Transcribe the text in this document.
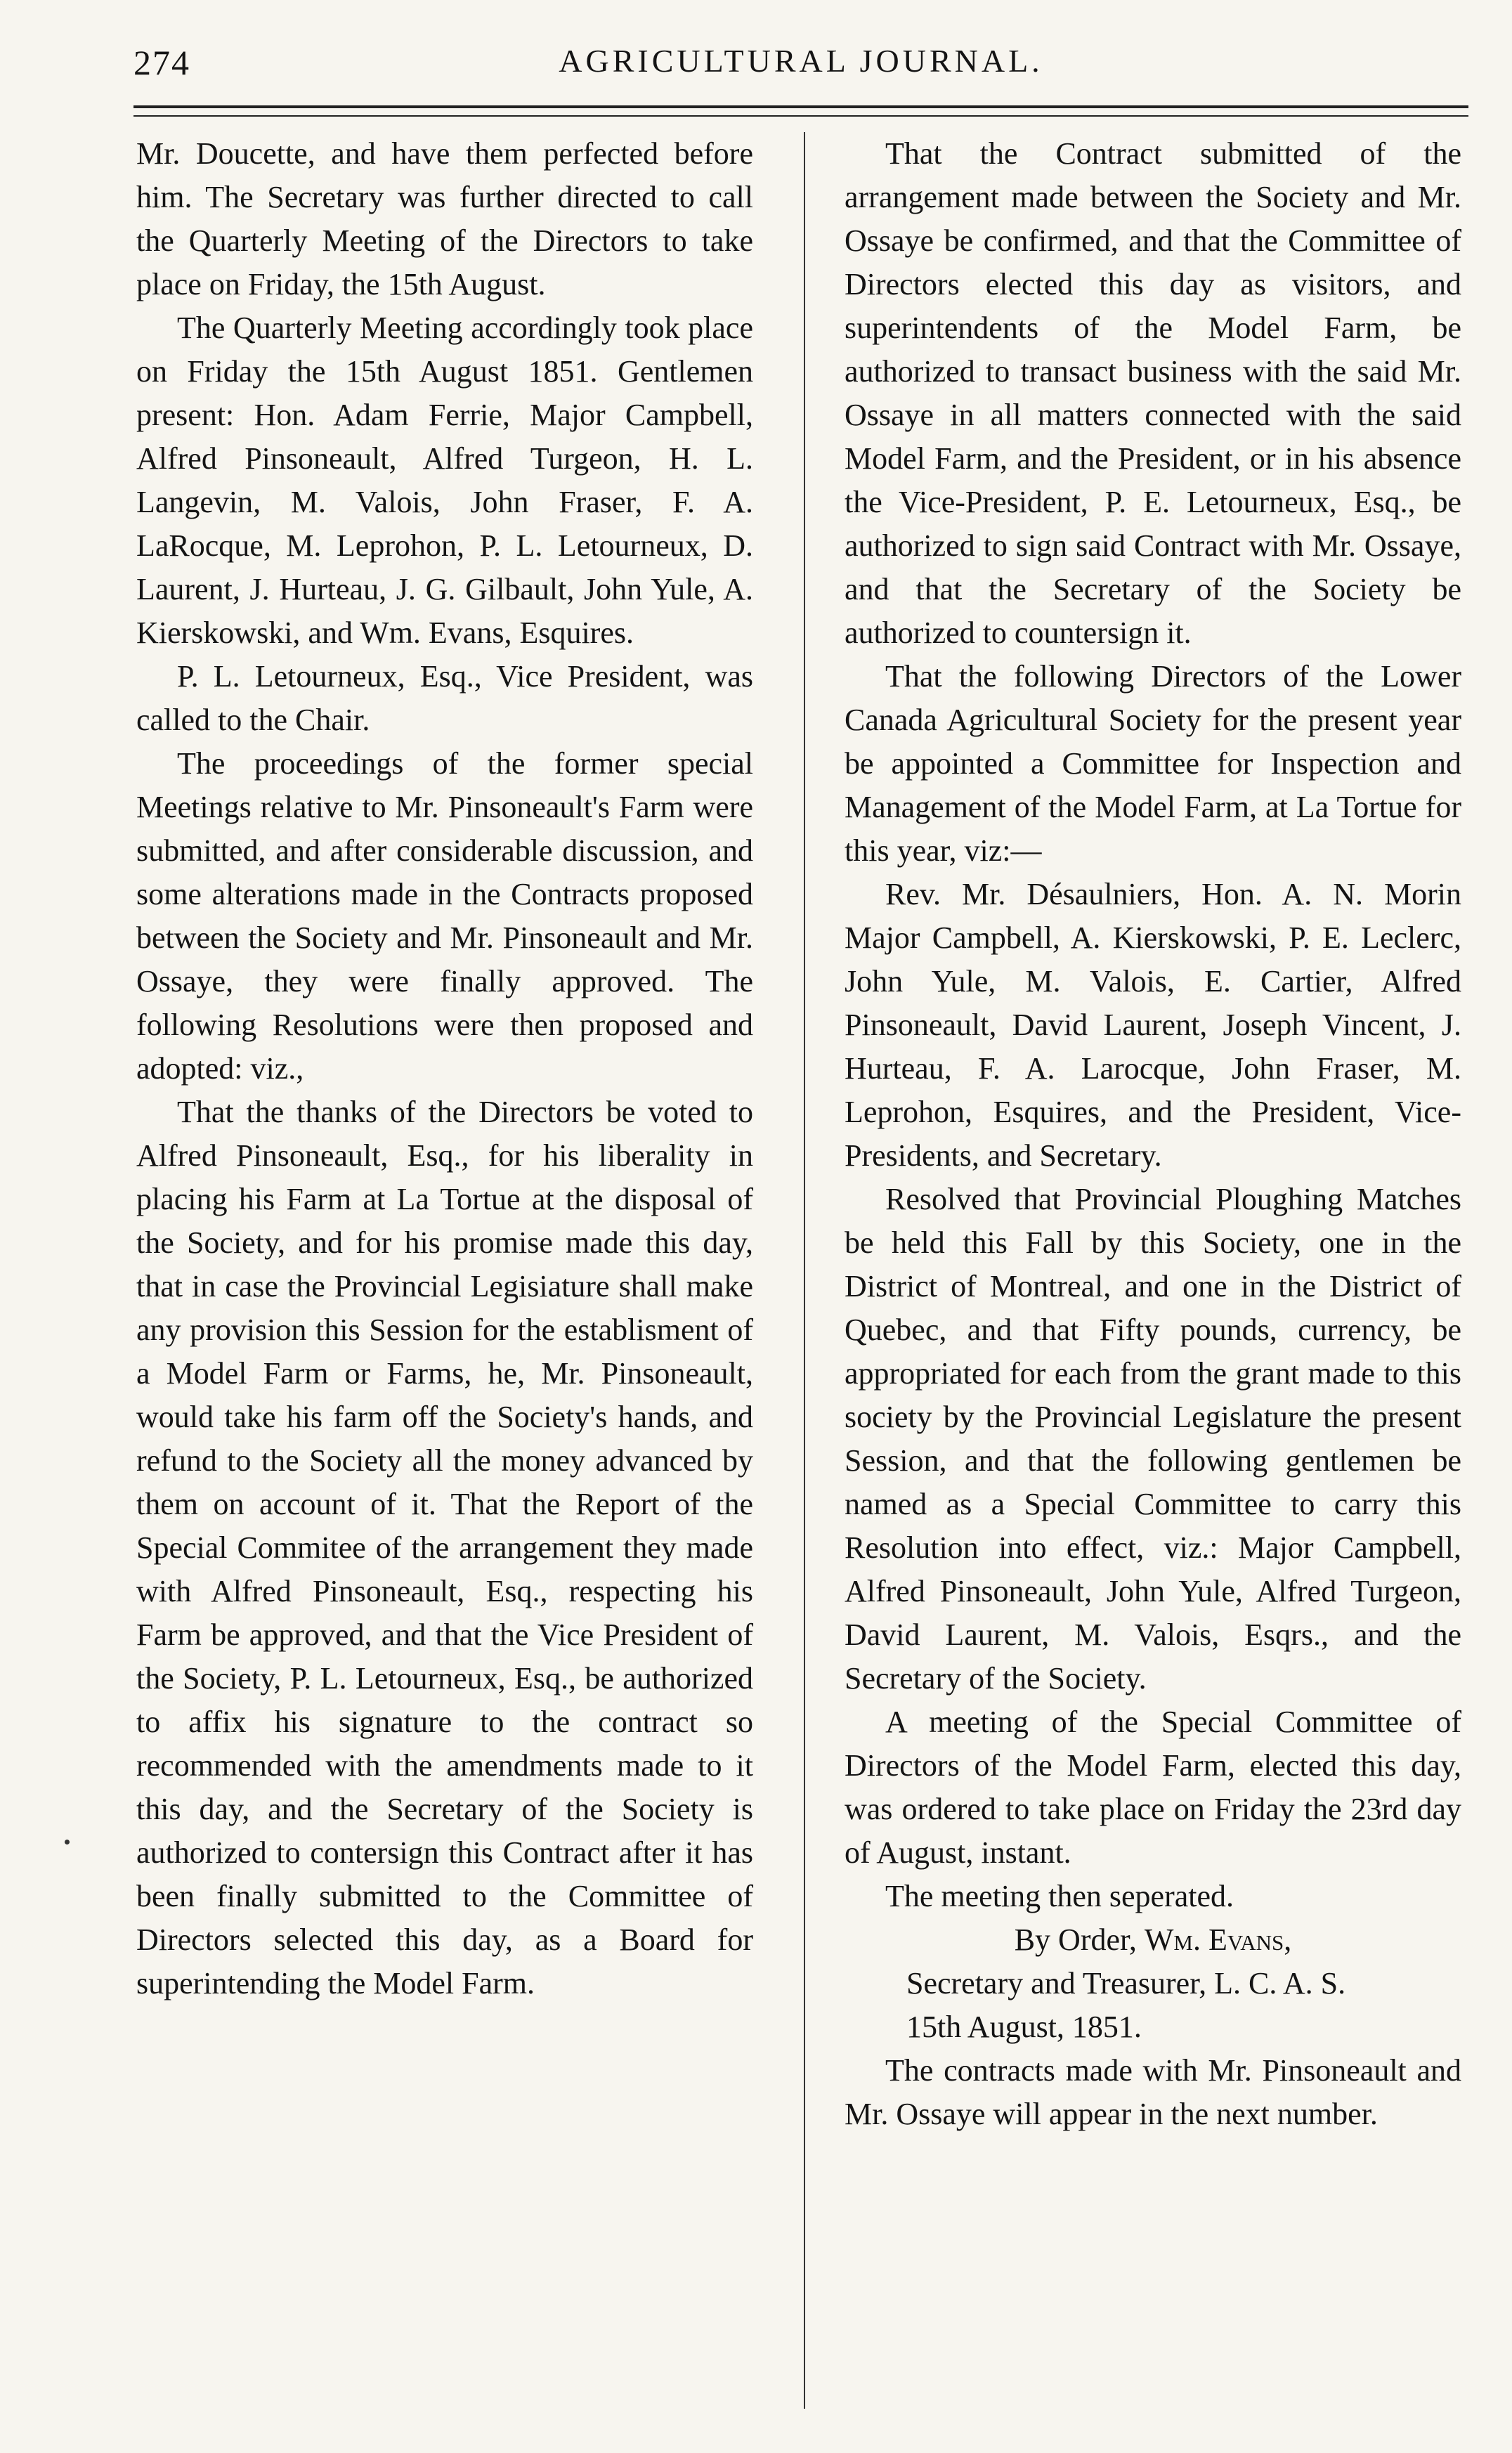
274	AGRICULTURAL JOURNAL.

Mr. Doucette, and have them perfected before him. The Secretary was further directed to call the Quarterly Meeting of the Directors to take place on Friday, the 15th August.

The Quarterly Meeting accordingly took place on Friday the 15th August 1851. Gentlemen present: Hon. Adam Ferrie, Major Campbell, Alfred Pinsoneault, Alfred Turgeon, H. L. Langevin, M. Valois, John Fraser, F. A. LaRocque, M. Leprohon, P. L. Letourneux, D. Laurent, J. Hurteau, J. G. Gilbault, John Yule, A. Kierskowski, and Wm. Evans, Esquires.

P. L. Letourneux, Esq., Vice President, was called to the Chair.

The proceedings of the former special Meetings relative to Mr. Pinsoneault's Farm were submitted, and after considerable discussion, and some alterations made in the Contracts proposed between the Society and Mr. Pinsoneault and Mr. Ossaye, they were finally approved. The following Resolutions were then proposed and adopted: viz.,

That the thanks of the Directors be voted to Alfred Pinsoneault, Esq., for his liberality in placing his Farm at La Tortue at the disposal of the Society, and for his promise made this day, that in case the Provincial Legisiature shall make any provision this Session for the establisment of a Model Farm or Farms, he, Mr. Pinsoneault, would take his farm off the Society's hands, and refund to the Society all the money advanced by them on account of it. That the Report of the Special Commitee of the arrangement they made with Alfred Pinsoneault, Esq., respecting his Farm be approved, and that the Vice President of the Society, P. L. Letourneux, Esq., be authorized to affix his signature to the contract so recommended with the amendments made to it this day, and the Secretary of the Society is authorized to contersign this Contract after it has been finally submitted to the Committee of Directors selected this day, as a Board for superintending the Model Farm.

That the Contract submitted of the arrangement made between the Society and Mr. Ossaye be confirmed, and that the Committee of Directors elected this day as visitors, and superintendents of the Model Farm, be authorized to transact business with the said Mr. Ossaye in all matters connected with the said Model Farm, and the President, or in his absence the Vice-President, P. E. Letourneux, Esq., be authorized to sign said Contract with Mr. Ossaye, and that the Secretary of the Society be authorized to countersign it.

That the following Directors of the Lower Canada Agricultural Society for the present year be appointed a Committee for Inspection and Management of the Model Farm, at La Tortue for this year, viz:—

Rev. Mr. Désaulniers, Hon. A. N. Morin Major Campbell, A. Kierskowski, P. E. Leclerc, John Yule, M. Valois, E. Cartier, Alfred Pinsoneault, David Laurent, Joseph Vincent, J. Hurteau, F. A. Larocque, John Fraser, M. Leprohon, Esquires, and the President, Vice-Presidents, and Secretary.

Resolved that Provincial Ploughing Matches be held this Fall by this Society, one in the District of Montreal, and one in the District of Quebec, and that Fifty pounds, currency, be appropriated for each from the grant made to this society by the Provincial Legislature the present Session, and that the following gentlemen be named as a Special Committee to carry this Resolution into effect, viz.: Major Campbell, Alfred Pinsoneault, John Yule, Alfred Turgeon, David Laurent, M. Valois, Esqrs., and the Secretary of the Society.

A meeting of the Special Committee of Directors of the Model Farm, elected this day, was ordered to take place on Friday the 23rd day of August, instant.

The meeting then seperated.

By Order, Wm. Evans,

Secretary and Treasurer, L. C. A. S.

15th August, 1851.

The contracts made with Mr. Pinsoneault and Mr. Ossaye will appear in the next number.
